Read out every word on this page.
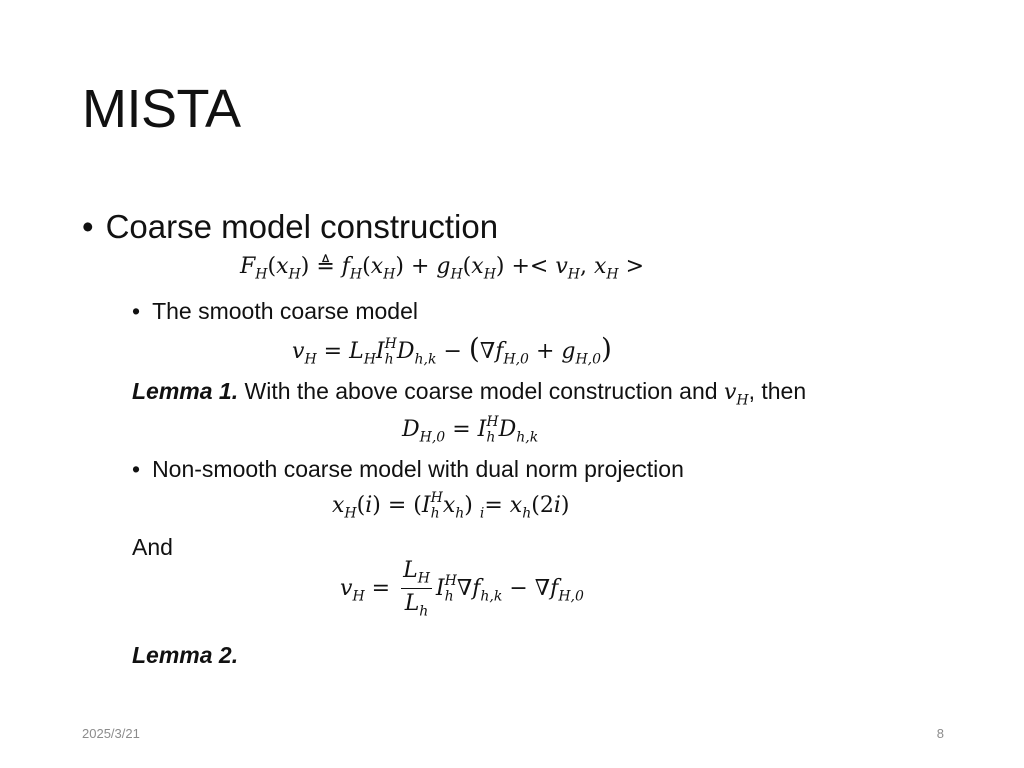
MISTA
• Coarse model construction
$F_H(x_H)$ ≜ $f_H(x_H) + g_H(x_H) +< v_H$, $x_H$ >
• The smooth coarse model
$v_H = L_HI_h^HD_{h,k} - (\nabla f_{H,0} + g_{H,0})$
Lemma 1. With the above coarse model construction and $v_H$, then
$D_{H,0} = I_h^HD_{h,k}$
• Non-smooth coarse model with dual norm projection
$x_H(i) = (I_h^Hx_h)$ $_i= x_h(2i)$
And
$v_H = \frac{L_H}{L_h} I_h^H\nabla f_{h,k} - \nabla f_{H,0}$
Lemma 2.
2025/3/21	8
